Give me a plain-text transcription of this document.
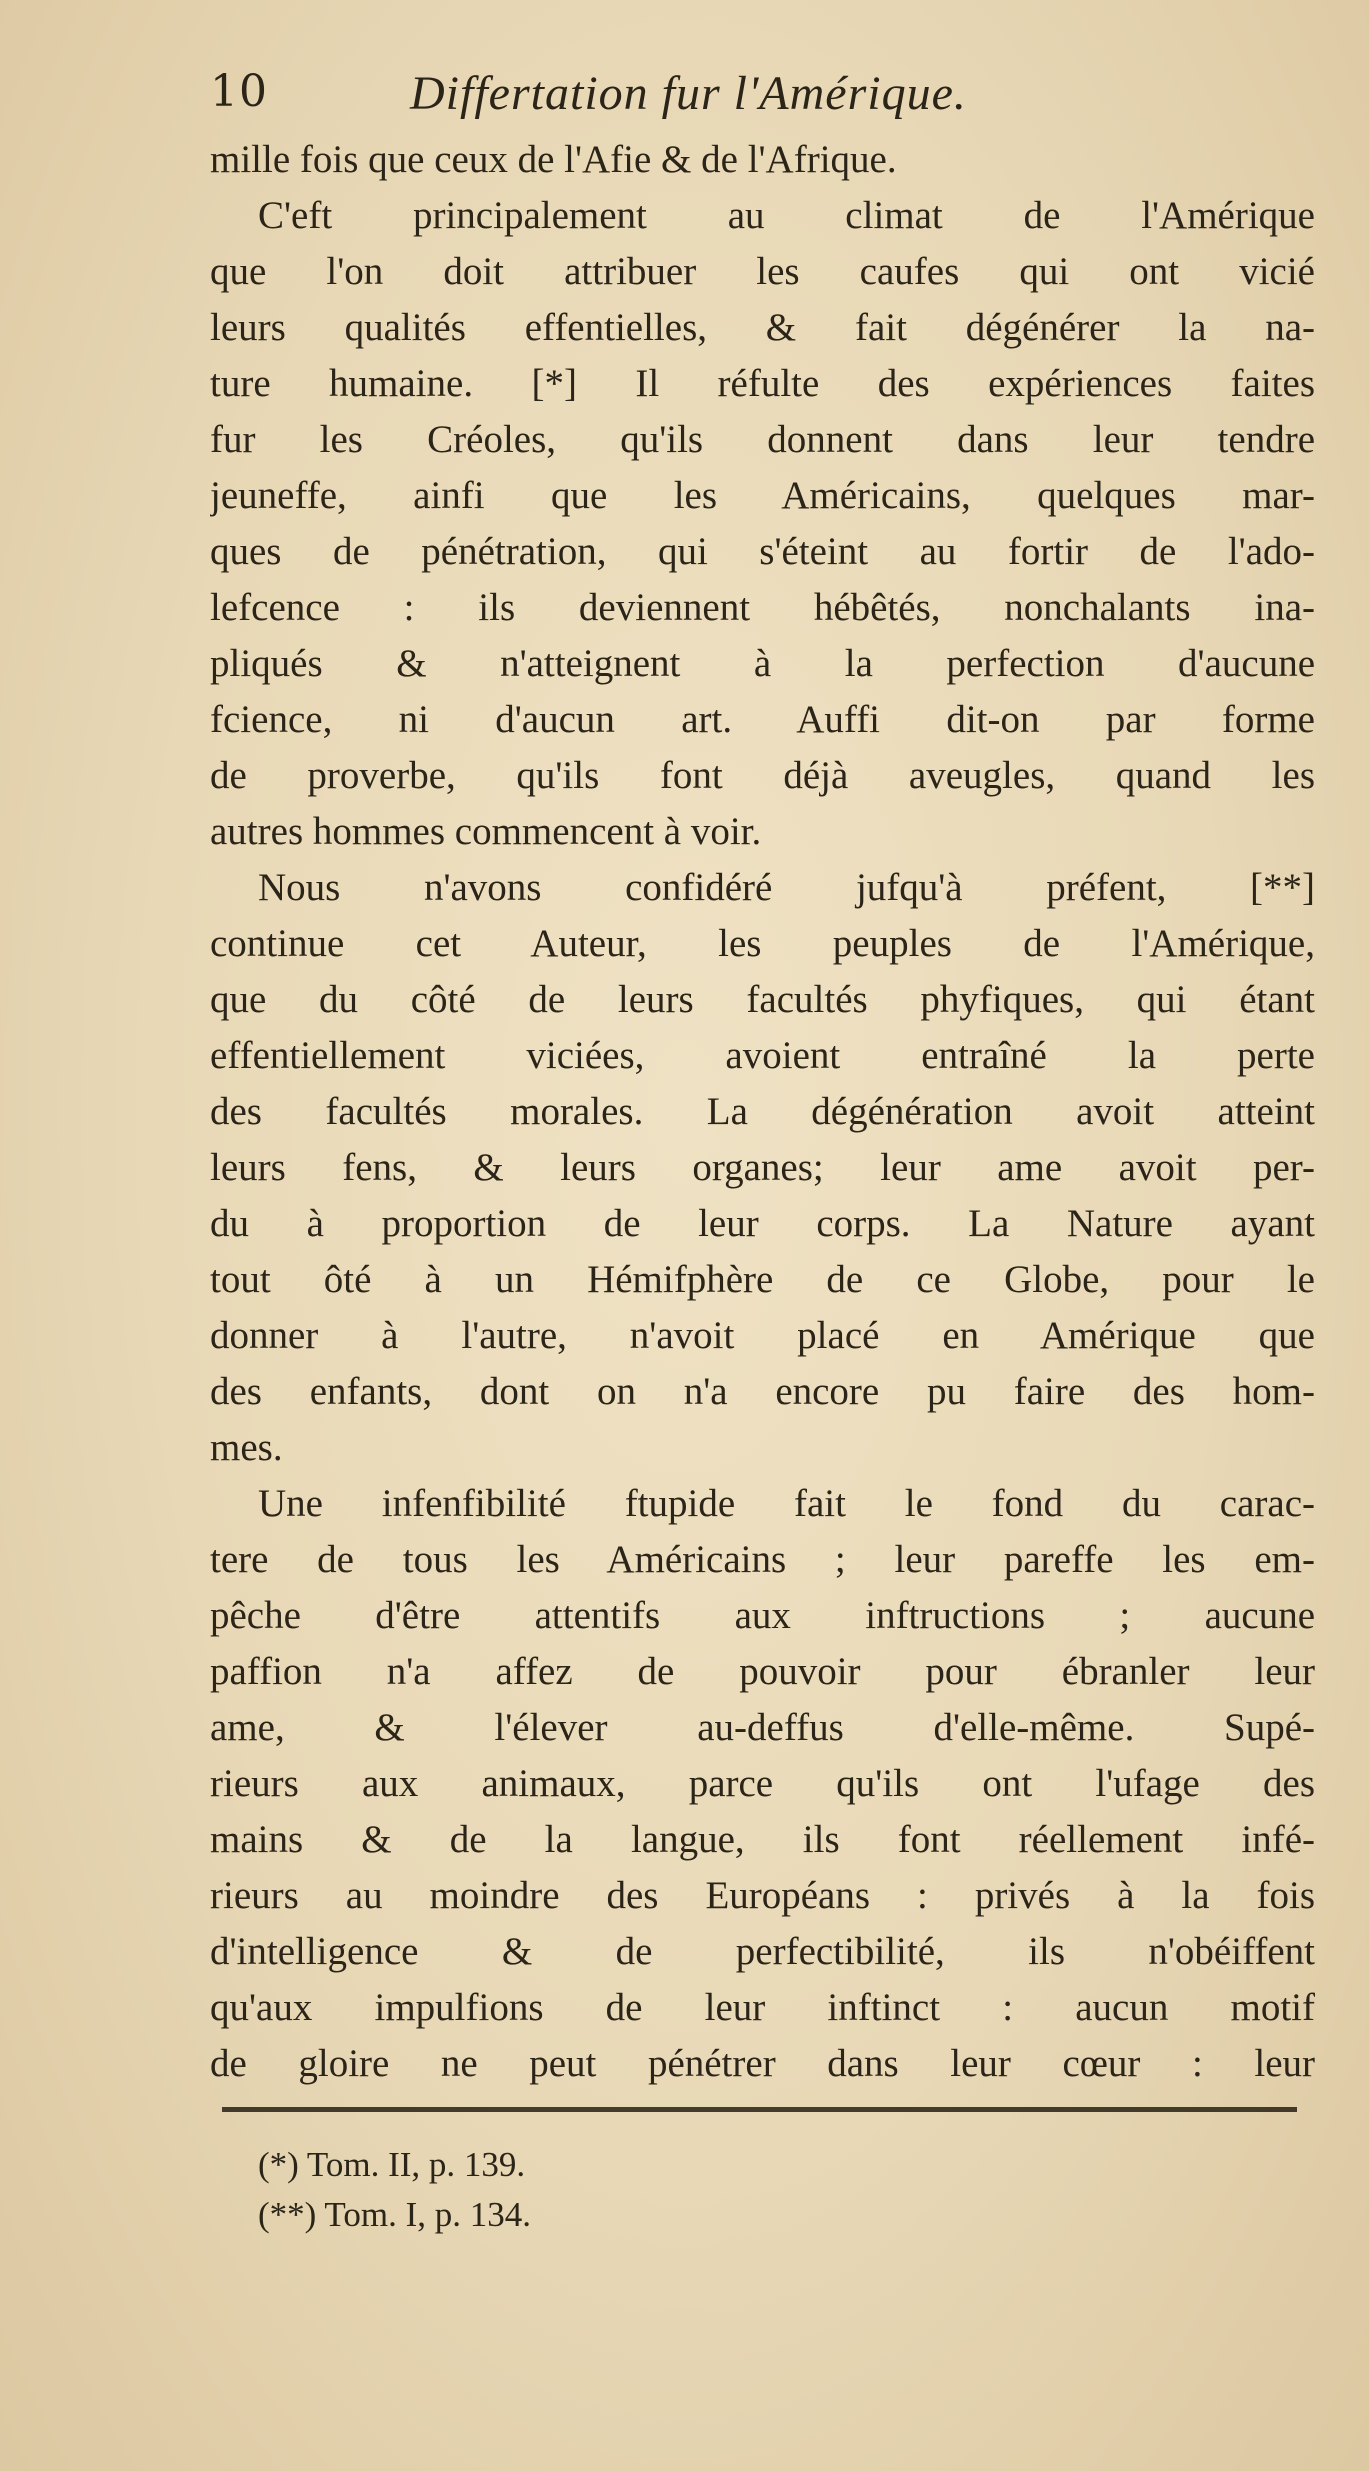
10	Differtation fur l'Amérique.
mille fois que ceux de l'Afie & de l'Afrique.
C'eft principalement au climat de l'Amérique
que l'on doit attribuer les caufes qui ont vicié
leurs qualités effentielles, & fait dégénérer la na-
ture humaine. [*] Il réfulte des expériences faites
fur les Créoles, qu'ils donnent dans leur tendre
jeuneffe, ainfi que les Américains, quelques mar-
ques de pénétration, qui s'éteint au fortir de l'ado-
lefcence : ils deviennent hébêtés, nonchalants ina-
pliqués & n'atteignent à la perfection d'aucune
fcience, ni d'aucun art. Auffi dit-on par forme
de proverbe, qu'ils font déjà aveugles, quand les
autres hommes commencent à voir.
Nous n'avons confidéré jufqu'à préfent, [**]
continue cet Auteur, les peuples de l'Amérique,
que du côté de leurs facultés phyfiques, qui étant
effentiellement viciées, avoient entraîné la perte
des facultés morales. La dégénération avoit atteint
leurs fens, & leurs organes; leur ame avoit per-
du à proportion de leur corps. La Nature ayant
tout ôté à un Hémifphère de ce Globe, pour le
donner à l'autre, n'avoit placé en Amérique que
des enfants, dont on n'a encore pu faire des hom-
mes.
Une infenfibilité ftupide fait le fond du carac-
tere de tous les Américains ; leur pareffe les em-
pêche d'être attentifs aux inftructions ; aucune
paffion n'a affez de pouvoir pour ébranler leur
ame, & l'élever au-deffus d'elle-même. Supé-
rieurs aux animaux, parce qu'ils ont l'ufage des
mains & de la langue, ils font réellement infé-
rieurs au moindre des Européans : privés à la fois
d'intelligence & de perfectibilité, ils n'obéiffent
qu'aux impulfions de leur inftinct : aucun motif
de gloire ne peut pénétrer dans leur cœur : leur
(*) Tom. II, p. 139.
(**) Tom. I, p. 134.
